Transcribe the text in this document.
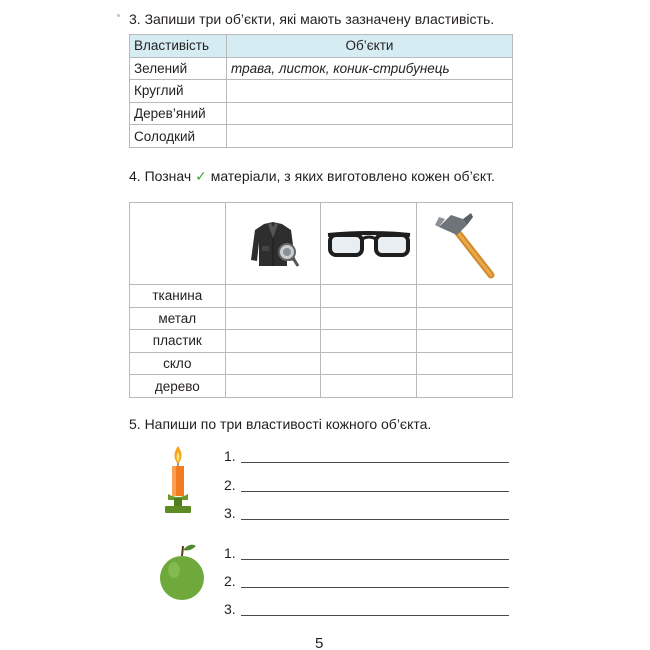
3. Запиши три об’єкти, які мають зазначену властивість.
Властивість	Об’єкти
Зелений	трава, листок, коник-стрибунець
Круглий	
Дерев’яний	
Солодкий	
4. Познач ✓ матеріали, з яких виготовлено кожен об’єкт.

тканина			
метал			
пластик			
скло			
дерево			
5. Напиши по три властивості кожного об’єкта.
1.
2.
3.
1.
2.
3.
5
